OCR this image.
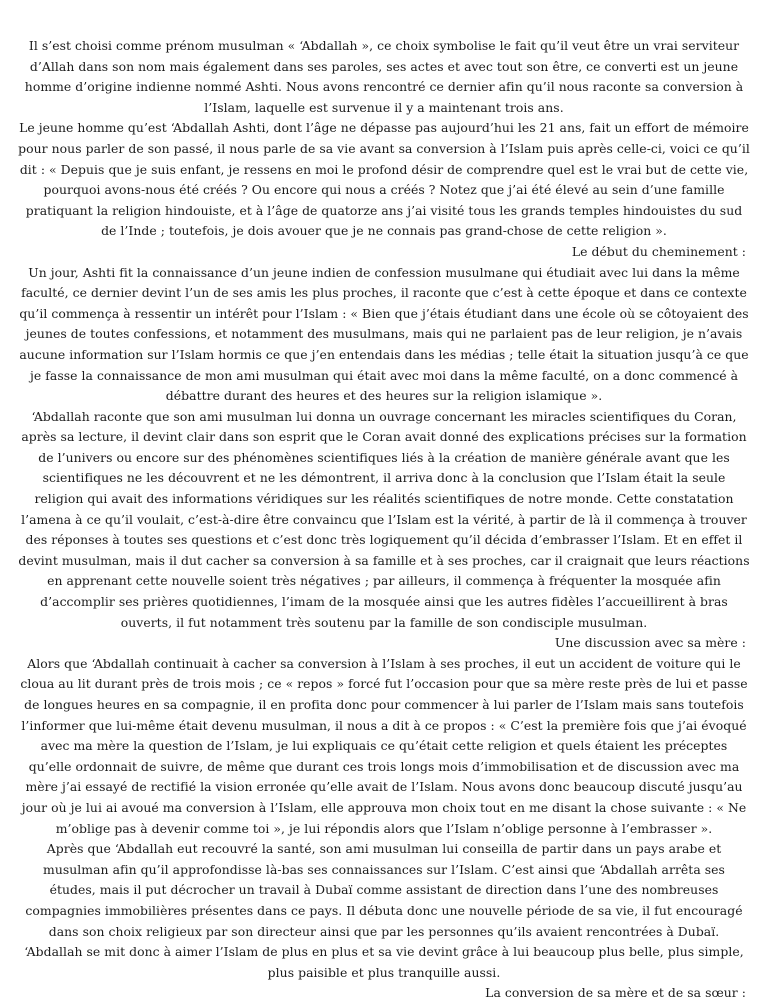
Il s’est choisi comme prénom musulman « ‘Abdallah », ce choix symbolise le fait qu’il veut être un vrai serviteur d’Allah dans son nom mais également dans ses paroles, ses actes et avec tout son être, ce converti est un jeune homme d’origine indienne nommé Ashti. Nous avons rencontré ce dernier afin qu’il nous raconte sa conversion à l’Islam, laquelle est survenue il y a maintenant trois ans.

Le jeune homme qu’est ‘Abdallah Ashti, dont l’âge ne dépasse pas aujourd’hui les 21 ans, fait un effort de mémoire pour nous parler de son passé, il nous parle de sa vie avant sa conversion à l’Islam puis après celle-ci, voici ce qu’il dit : « Depuis que je suis enfant, je ressens en moi le profond désir de comprendre quel est le vrai but de cette vie, pourquoi avons-nous été créés ? Ou encore qui nous a créés ? Notez que j’ai été élevé au sein d’une famille pratiquant la religion hindouiste, et à l’âge de quatorze ans j’ai visité tous les grands temples hindouistes du sud de l’Inde ; toutefois, je dois avouer que je ne connais pas grand-chose de cette religion ».

Le début du cheminement :

Un jour, Ashti fit la connaissance d’un jeune indien de confession musulmane qui étudiait avec lui dans la même faculté, ce dernier devint l’un de ses amis les plus proches, il raconte que c’est à cette époque et dans ce contexte qu’il commença à ressentir un intérêt pour l’Islam : « Bien que j’étais étudiant dans une école où se côtoyaient des jeunes de toutes confessions, et notamment des musulmans, mais qui ne parlaient pas de leur religion, je n’avais aucune information sur l’Islam hormis ce que j’en entendais dans les médias ; telle était la situation jusqu’à ce que je fasse la connaissance de mon ami musulman qui était avec moi dans la même faculté, on a donc commencé à débattre durant des heures et des heures sur la religion islamique ».

‘Abdallah raconte que son ami musulman lui donna un ouvrage concernant les miracles scientifiques du Coran, après sa lecture, il devint clair dans son esprit que le Coran avait donné des explications précises sur la formation de l’univers ou encore sur des phénomènes scientifiques liés à la création de manière générale avant que les scientifiques ne les découvrent et ne les démontrent, il arriva donc à la conclusion que l’Islam était la seule religion qui avait des informations véridiques sur les réalités scientifiques de notre monde. Cette constatation l’amena à ce qu’il voulait, c’est-à-dire être convaincu que l’Islam est la vérité, à partir de là il commença à trouver des réponses à toutes ses questions et c’est donc très logiquement qu’il décida d’embrasser l’Islam. Et en effet il devint musulman, mais il dut cacher sa conversion à sa famille et à ses proches, car il craignait que leurs réactions en apprenant cette nouvelle soient très négatives ; par ailleurs, il commença à fréquenter la mosquée afin d’accomplir ses prières quotidiennes, l’imam de la mosquée ainsi que les autres fidèles l’accueillirent à bras ouverts, il fut notamment très soutenu par la famille de son condisciple musulman.

Une discussion avec sa mère :

Alors que ‘Abdallah continuait à cacher sa conversion à l’Islam à ses proches, il eut un accident de voiture qui le cloua au lit durant près de trois mois ; ce « repos » forcé fut l’occasion pour que sa mère reste près de lui et passe de longues heures en sa compagnie, il en profita donc pour commencer à lui parler de l’Islam mais sans toutefois l’informer que lui-même était devenu musulman, il nous a dit à ce propos : « C’est la première fois que j’ai évoqué avec ma mère la question de l’Islam, je lui expliquais ce qu’était cette religion et quels étaient les préceptes qu’elle ordonnait de suivre, de même que durant ces trois longs mois d’immobilisation et de discussion avec ma mère j’ai essayé de rectifié la vision erronée qu’elle avait de l’Islam. Nous avons donc beaucoup discuté jusqu’au jour où je lui ai avoué ma conversion à l’Islam, elle approuva mon choix tout en me disant la chose suivante : « Ne m’oblige pas à devenir comme toi », je lui répondis alors que l’Islam n’oblige personne à l’embrasser ».

Après que ‘Abdallah eut recouvré la santé, son ami musulman lui conseilla de partir dans un pays arabe et musulman afin qu’il approfondisse là-bas ses connaissances sur l’Islam. C’est ainsi que ‘Abdallah arrêta ses études, mais il put décrocher un travail à Dubaï comme assistant de direction dans l’une des nombreuses compagnies immobilières présentes dans ce pays. Il débuta donc une nouvelle période de sa vie, il fut encouragé dans son choix religieux par son directeur ainsi que par les personnes qu’ils avaient rencontrées à Dubaï. ‘Abdallah se mit donc à aimer l’Islam de plus en plus et sa vie devint grâce à lui beaucoup plus belle, plus simple, plus paisible et plus tranquille aussi.

La conversion de sa mère et de sa sœur :
